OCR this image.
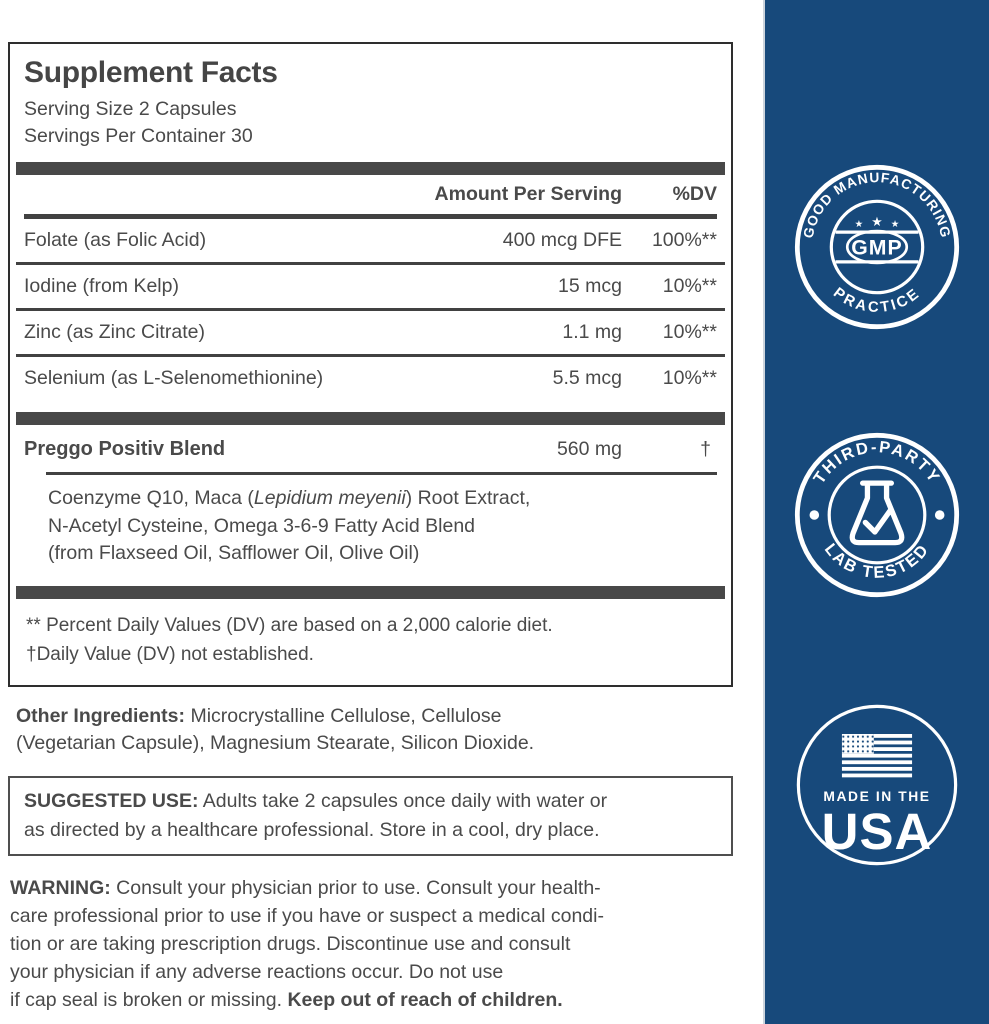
Supplement Facts
Serving Size 2 Capsules
Servings Per Container 30
Amount Per Serving	%DV
Folate (as Folic Acid)	400 mcg DFE	100%**
Iodine (from Kelp)	15 mcg	10%**
Zinc (as Zinc Citrate)	1.1 mg	10%**
Selenium (as L-Selenomethionine)	5.5 mcg	10%**
Preggo Positiv Blend	560 mg	†
Coenzyme Q10, Maca (Lepidium meyenii) Root Extract,
N-Acetyl Cysteine, Omega 3-6-9 Fatty Acid Blend
(from Flaxseed Oil, Safflower Oil, Olive Oil)
** Percent Daily Values (DV) are based on a 2,000 calorie diet.
†Daily Value (DV) not established.

Other Ingredients: Microcrystalline Cellulose, Cellulose
(Vegetarian Capsule), Magnesium Stearate, Silicon Dioxide.

SUGGESTED USE: Adults take 2 capsules once daily with water or
as directed by a healthcare professional. Store in a cool, dry place.

WARNING: Consult your physician prior to use. Consult your health-
care professional prior to use if you have or suspect a medical condi-
tion or are taking prescription drugs. Discontinue use and consult
your physician if any adverse reactions occur. Do not use
if cap seal is broken or missing. Keep out of reach of children.

GOOD MANUFACTURING
PRACTICE
★ ★ ★
GMP
THIRD-PARTY
LAB TESTED
MADE IN THE
USA
